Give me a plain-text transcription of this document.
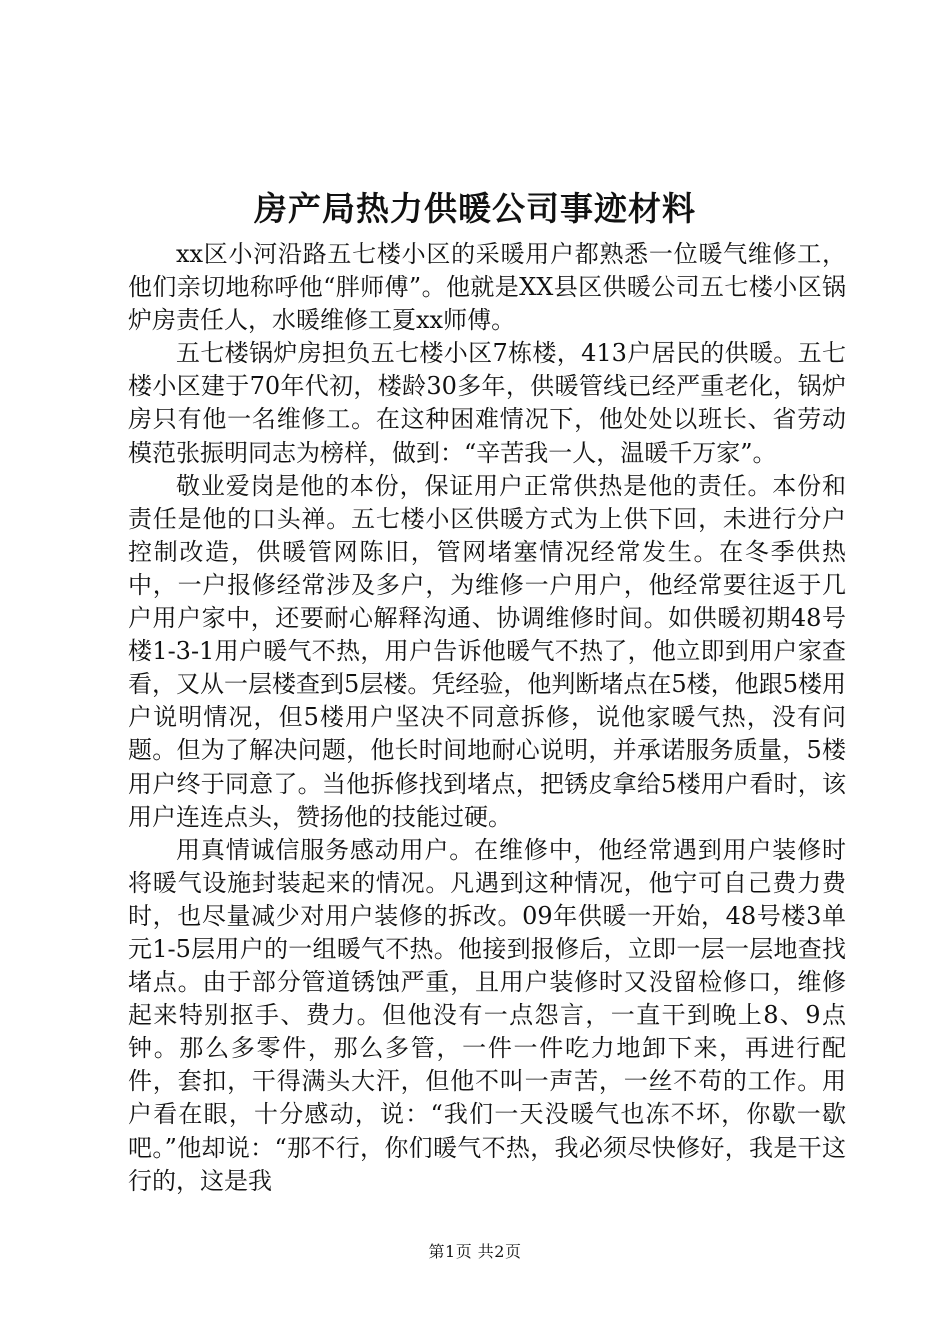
房产局热力供暖公司事迹材料

xx区小河沿路五七楼小区的采暖用户都熟悉一位暖气维修工，他们亲切地称呼他“胖师傅”。他就是XX县区供暖公司五七楼小区锅炉房责任人，水暖维修工夏xx师傅。

五七楼锅炉房担负五七楼小区7栋楼，413户居民的供暖。五七楼小区建于70年代初，楼龄30多年，供暖管线已经严重老化，锅炉房只有他一名维修工。在这种困难情况下，他处处以班长、省劳动模范张振明同志为榜样，做到：“辛苦我一人，温暖千万家”。

敬业爱岗是他的本份，保证用户正常供热是他的责任。本份和责任是他的口头禅。五七楼小区供暖方式为上供下回，未进行分户控制改造，供暖管网陈旧，管网堵塞情况经常发生。在冬季供热中，一户报修经常涉及多户，为维修一户用户，他经常要往返于几户用户家中，还要耐心解释沟通、协调维修时间。如供暖初期48号楼1-3-1用户暖气不热，用户告诉他暖气不热了，他立即到用户家查看，又从一层楼查到5层楼。凭经验，他判断堵点在5楼，他跟5楼用户说明情况，但5楼用户坚决不同意拆修，说他家暖气热，没有问题。但为了解决问题，他长时间地耐心说明，并承诺服务质量，5楼用户终于同意了。当他拆修找到堵点，把锈皮拿给5楼用户看时，该用户连连点头，赞扬他的技能过硬。

用真情诚信服务感动用户。在维修中，他经常遇到用户装修时将暖气设施封装起来的情况。凡遇到这种情况，他宁可自己费力费时，也尽量减少对用户装修的拆改。09年供暖一开始，48号楼3单元1-5层用户的一组暖气不热。他接到报修后，立即一层一层地查找堵点。由于部分管道锈蚀严重，且用户装修时又没留检修口，维修起来特别抠手、费力。但他没有一点怨言，一直干到晚上8、9点钟。那么多零件，那么多管，一件一件吃力地卸下来，再进行配件，套扣，干得满头大汗，但他不叫一声苦，一丝不苟的工作。用户看在眼，十分感动，说：“我们一天没暖气也冻不坏，你歇一歇吧。”他却说：“那不行，你们暖气不热，我必须尽快修好，我是干这行的，这是我

第1页 共2页
